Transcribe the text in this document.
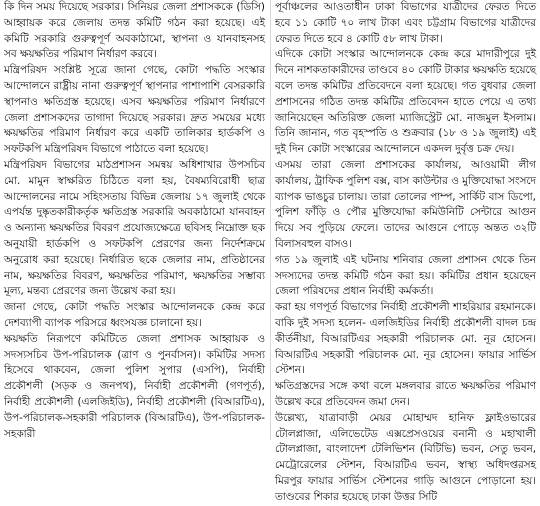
কি দিন সময় দিয়েছে সরকার। সিনিয়র জেলা প্রশাসককে (ডিসি) আহ্বায়ক করে জেলায় তদন্ত কমিটি গঠন করা হয়েছে। এই কমিটি সরকারি গুরুত্বপূর্ণ অবকাঠামো, স্থাপনা ও যানবাহনসহ সব ক্ষয়ক্ষতির পরিমাণ নির্ধারণ করবে।

মন্ত্রিপরিষদ সংশ্লিষ্ট সূত্রে জানা গেছে, কোটা পদ্ধতি সংস্কার আন্দোলনে রাষ্ট্রীয় নানা গুরুত্বপূর্ণ স্থাপনার পাশাপাশি বেসরকারি স্থাপনাও ক্ষতিগ্রস্ত হয়েছে। এসব ক্ষয়ক্ষতির পরিমাণ নির্ধারণে জেলা প্রশাসকদের তাগাদা দিয়েছে সরকার। দ্রুত সময়ের মধ্যে ক্ষয়ক্ষতির পরিমাণ নির্ধারণ করে একটি তালিকার হার্ডকপি ও সফটকপি মন্ত্রিপরিষদ বিভাগে পাঠাতে বলা হয়েছে।

মন্ত্রিপরিষদ বিভাগের মাঠপ্রশাসন সমন্বয় অধিশাখার উপসচিব মো. মামুন স্বাক্ষরিত চিঠিতে বলা হয়, বৈষম্যবিরোধী ছাত্র আন্দোলনের নামে সহিংসতায় বিভিন্ন জেলায় ১৭ জুলাই থেকে এপর্যন্ত দুষ্কৃতকারীকর্তৃক ক্ষতিগ্রস্ত সরকারি অবকাঠামো যানবাহন ও অন্যান্য ক্ষয়ক্ষতির বিবরণ প্রযোজ্যক্ষেত্রে ছবিসহ নিম্নোক্ত ছক অনুযায়ী হার্ডকপি ও সফটকপি প্রেরণের জন্য নির্দেশক্রমে অনুরোধ করা হয়েছে। নির্ধারিত ছকে জেলার নাম, প্রতিষ্ঠানের নাম, ক্ষয়ক্ষতির বিবরণ, ক্ষয়ক্ষতির পরিমাণ, ক্ষয়ক্ষতির সম্ভাব্য মূল্য, মন্তব্য প্রেরণের জন্য উল্লেখ করা হয়।

জানা গেছে, কোটা পদ্ধতি সংস্কার আন্দোলনকে কেন্দ্র করে দেশব্যাপী ব্যাপক পরিসরে ধ্বংসযজ্ঞ চালানো হয়।

ক্ষয়ক্ষতি নিরূপণে কমিটিতে জেলা প্রশাসক আহ্বায়ক ও সদস্যসচিব উপ-পরিচালক (ত্রাণ ও পুনর্বাসন)। কমিটির সদস্য হিসেবে থাকবেন, জেলা পুলিশ সুপার (এসপি), নির্বাহী প্রকৌশলী (সড়ক ও জনপথ), নির্বাহী প্রকৌশলী (গণপূর্ত), নির্বাহী প্রকৌশলী (এলজিইডি), নির্বাহী প্রকৌশলী (বিআরটিএ), উপ-পরিচালক-সহকারী পরিচালক (বিআরটিএ), উপ-পরিচালক-সহকারী

পূর্বাঞ্চলের আওতাধীন ঢাকা বিভাগের যাত্রীদের ফেরত দিতে হবে ১১ কোটি ৭০ লাখ টাকা এবং চট্টগ্রাম বিভাগের যাত্রীদের ফেরত দিতে হবে ৪ কোটি ৫৮ লাখ টাকা।

এদিকে কোটা সংস্কার আন্দোলনকে কেন্দ্র করে মাদারীপুরে দুই দিনে নাশকতাকারীদের তাণ্ডবে ৪০ কোটি টাকার ক্ষয়ক্ষতি হয়েছে বলে তদন্ত কমিটির প্রতিবেদনে বলা হয়েছে। গত বুধবার জেলা প্রশাসনের গঠিত তদন্ত কমিটির প্রতিবেদন হাতে পেয়ে এ তথ্য জানিয়েছেন অতিরিক্ত জেলা ম্যাজিস্ট্রেট মো. নাজমুল ইসলাম। তিনি জানান, গত বৃহস্পতি ও শুক্রবার (১৮ ও ১৯ জুলাই) এই দুই দিন কোটা সংস্কারের আন্দোলনে একদল দুর্বৃত্ত চক্র দেয়।

এসময় তারা জেলা প্রশাসকের কার্যালয়, আওয়ামী লীগ কার্যালয়, ট্রাফিক পুলিশ বক্স, বাস কাউন্টার ও মুক্তিযোদ্ধা সংসদে ব্যাপক ভাঙচুর চালায়। তারা তোলের পাম্প, সার্কিট বাস ডিপো, পুলিশ ফাঁড়ি ও পৌর মুক্তিযোদ্ধা কমিউনিটি সেন্টারে আগুন দিয়ে সব পুড়িয়ে ফেলে। তাদের আগুনে পোড়ে অন্তত ৩২টি বিলাসবহুল বাসও।

গত ১৯ জুলাই এই ঘটনায় শনিবার জেলা প্রশাসন থেকে তিন সদস্যদের তদন্ত কমিটি গঠন করা হয়। কমিটির প্রধান হয়েছেন জেলা পরিষদের প্রধান নির্বাহী কর্মকর্তা।

করা হয় গণপূর্ত বিভাগের নির্বাহী প্রকৌশলী শাহরিয়ার রহমানকে। বাকি দুই সদস্য হলেন- এলজিইডির নির্বাহী প্রকৌশলী বাদল চন্দ্র কীর্তনীয়া, বিআরটিএর সহকারী পরিচালক মো. নূর হোসেন। বিআরটিএ সহকারী পরিচালক মো. নূর হোসেন। ফায়ার সার্ভিস স্টেশন।

ক্ষতিগ্রস্তদের সঙ্গে কথা বলে মঙ্গলবার রাতে ক্ষয়ক্ষতির পরিমাণ উল্লেখ করে প্রতিবেদন জমা দেন।

উল্লেখ্য, যাত্রাবাড়ী মেয়র মোহাম্মদ হানিফ ফ্লাইওভারের টোলপ্লাজা, এলিভেটেড এক্সপ্রেসওয়ের বনানী ও মহাখালী টোলপ্লাজা, বাংলাদেশ টেলিভিশন (বিটিভি) ভবন, সেতু ভবন, মেট্রোরেলের স্টেশন, বিআরটিএ ভবন, স্বাস্থ্য অধিদপ্তরসহ মিরপুর ফায়ার সার্ভিস স্টেশনের গাড়ি আগুনে পোড়ানো হয়। তাণ্ডবের শিকার হয়েছে ঢাকা উত্তর সিটি
